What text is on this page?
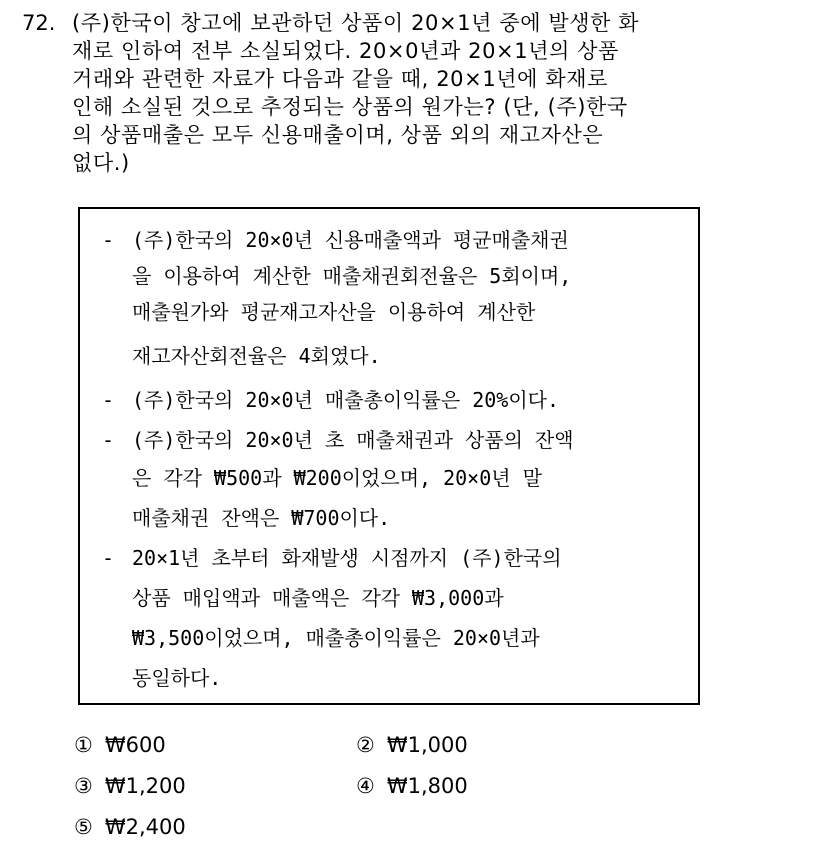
72. (주)한국이 창고에 보관하던 상품이 20×1년 중에 발생한 화
재로 인하여 전부 소실되었다. 20×0년과 20×1년의 상품
거래와 관련한 자료가 다음과 같을 때, 20×1년에 화재로
인해 소실된 것으로 추정되는 상품의 원가는? (단, (주)한국
의 상품매출은 모두 신용매출이며, 상품 외의 재고자산은
없다.)
- (주)한국의 20×0년 신용매출액과 평균매출채권
을 이용하여 계산한 매출채권회전율은 5회이며,
매출원가와 평균재고자산을 이용하여 계산한
재고자산회전율은 4회였다.
- (주)한국의 20×0년 매출총이익률은 20%이다.
- (주)한국의 20×0년 초 매출채권과 상품의 잔액
은 각각 ₩500과 ₩200이었으며, 20×0년 말
매출채권 잔액은 ₩700이다.
- 20×1년 초부터 화재발생 시점까지 (주)한국의
상품 매입액과 매출액은 각각 ₩3,000과
₩3,500이었으며, 매출총이익률은 20×0년과
동일하다.
① ₩600	② ₩1,000
③ ₩1,200	④ ₩1,800
⑤ ₩2,400
